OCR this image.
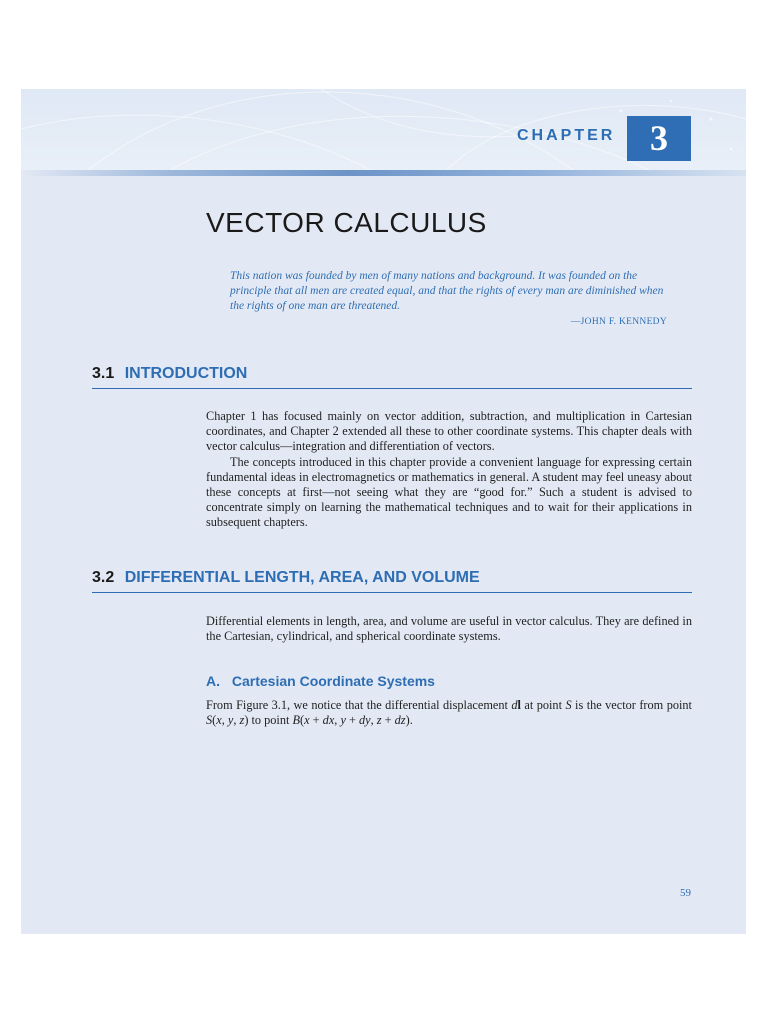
CHAPTER 3
VECTOR CALCULUS
This nation was founded by men of many nations and background. It was founded on the principle that all men are created equal, and that the rights of every man are diminished when the rights of one man are threatened.
—JOHN F. KENNEDY
3.1 INTRODUCTION

Chapter 1 has focused mainly on vector addition, subtraction, and multiplication in Cartesian coordinates, and Chapter 2 extended all these to other coordinate systems. This chapter deals with vector calculus—integration and differentiation of vectors.

The concepts introduced in this chapter provide a convenient language for expressing certain fundamental ideas in electromagnetics or mathematics in general. A student may feel uneasy about these concepts at first—not seeing what they are “good for.” Such a student is advised to concentrate simply on learning the mathematical techniques and to wait for their applications in subsequent chapters.

3.2 DIFFERENTIAL LENGTH, AREA, AND VOLUME

Differential elements in length, area, and volume are useful in vector calculus. They are defined in the Cartesian, cylindrical, and spherical coordinate systems.

A. Cartesian Coordinate Systems

From Figure 3.1, we notice that the differential displacement dl at point S is the vector from point S(x, y, z) to point B(x + dx, y + dy, z + dz).

59
